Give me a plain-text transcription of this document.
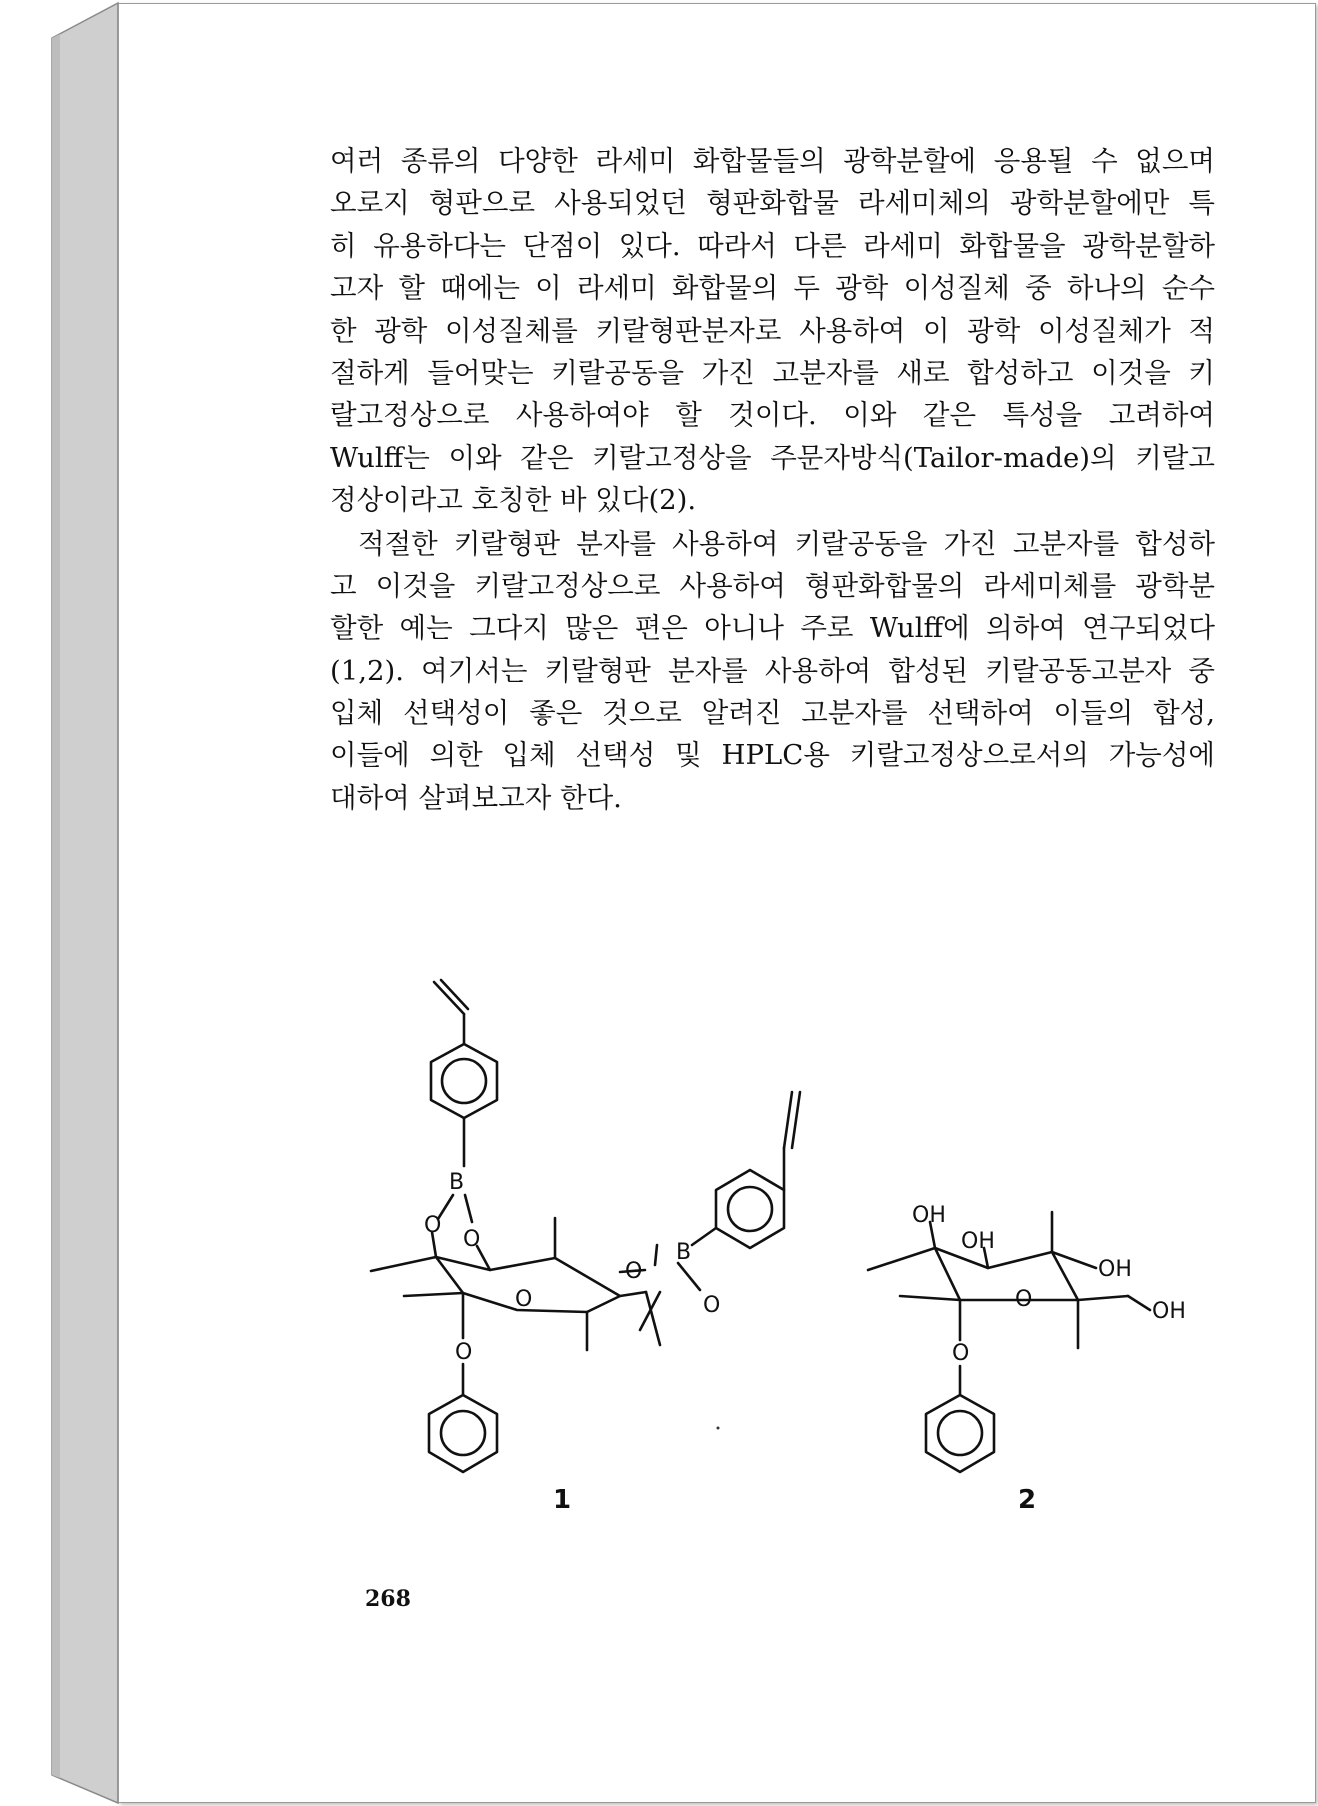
여러 종류의 다양한 라세미 화합물들의 광학분할에 응용될 수 없으며
오로지 형판으로 사용되었던 형판화합물 라세미체의 광학분할에만 특
히 유용하다는 단점이 있다. 따라서 다른 라세미 화합물을 광학분할하
고자 할 때에는 이 라세미 화합물의 두 광학 이성질체 중 하나의 순수
한 광학 이성질체를 키랄형판분자로 사용하여 이 광학 이성질체가 적
절하게 들어맞는 키랄공동을 가진 고분자를 새로 합성하고 이것을 키
랄고정상으로 사용하여야 할 것이다. 이와 같은 특성을 고려하여
Wulff는 이와 같은 키랄고정상을 주문자방식(Tailor-made)의 키랄고
정상이라고 호칭한 바 있다(2).
적절한 키랄형판 분자를 사용하여 키랄공동을 가진 고분자를 합성하
고 이것을 키랄고정상으로 사용하여 형판화합물의 라세미체를 광학분
할한 예는 그다지 많은 편은 아니나 주로 Wulff에 의하여 연구되었다
(1,2). 여기서는 키랄형판 분자를 사용하여 합성된 키랄공동고분자 중
입체 선택성이 좋은 것으로 알려진 고분자를 선택하여 이들의 합성,
이들에 의한 입체 선택성 및 HPLC용 키랄고정상으로서의 가능성에
대하여 살펴보고자 한다.
B
O
O
O
O
B
O
O
OH
OH
OH
O	OH
O
1	2

268
